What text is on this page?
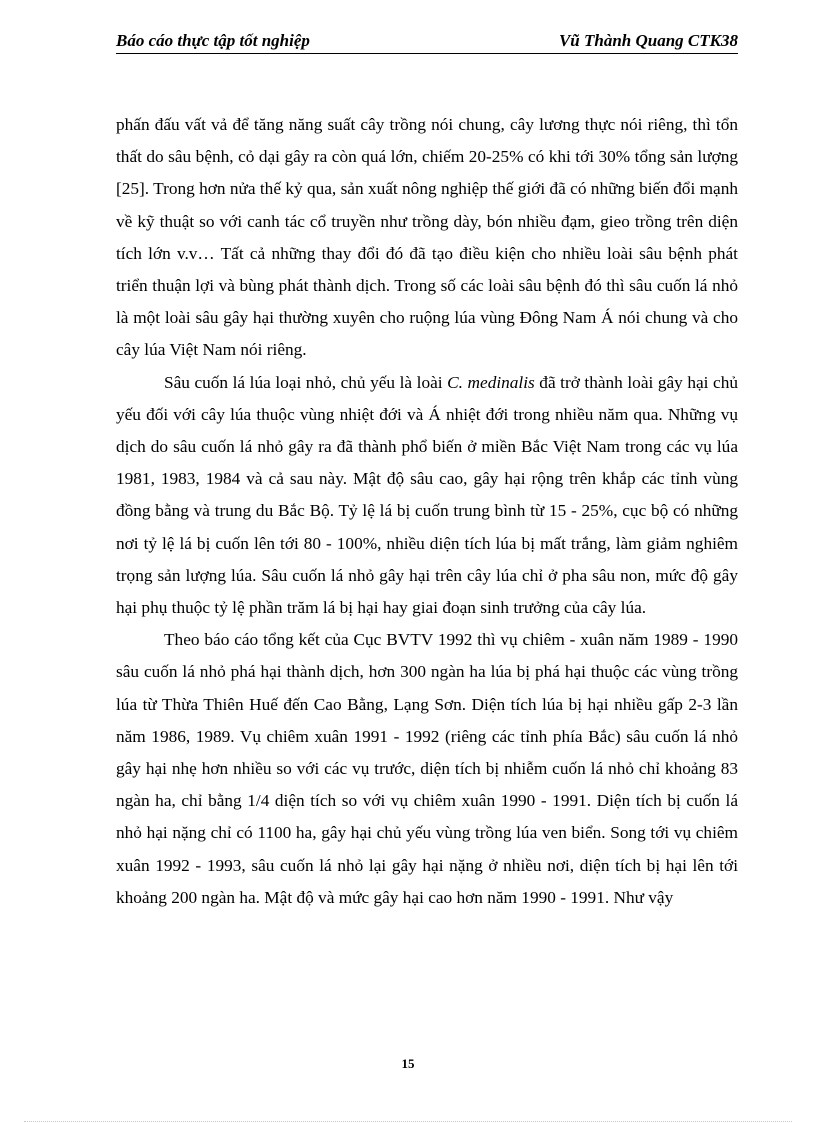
Báo cáo thực tập tốt nghiệp	Vũ Thành Quang CTK38

phấn đấu vất vả để tăng năng suất cây trồng nói chung, cây lương thực nói riêng, thì tổn thất do sâu bệnh, cỏ dại gây ra còn quá lớn, chiếm 20-25% có khi tới 30% tổng sản lượng [25]. Trong hơn nửa thế kỷ qua, sản xuất nông nghiệp thế giới đã có những biến đổi mạnh về kỹ thuật so với canh tác cổ truyền như trồng dày, bón nhiều đạm, gieo trồng trên diện tích lớn v.v… Tất cả những thay đổi đó đã tạo điều kiện cho nhiều loài sâu bệnh phát triển thuận lợi và bùng phát thành dịch. Trong số các loài sâu bệnh đó thì sâu cuốn lá nhỏ là một loài sâu gây hại thường xuyên cho ruộng lúa vùng Đông Nam Á nói chung và cho cây lúa Việt Nam nói riêng.

Sâu cuốn lá lúa loại nhỏ, chủ yếu là loài C. medinalis đã trở thành loài gây hại chủ yếu đối với cây lúa thuộc vùng nhiệt đới và Á nhiệt đới trong nhiều năm qua. Những vụ dịch do sâu cuốn lá nhỏ gây ra đã thành phổ biến ở miền Bắc Việt Nam trong các vụ lúa 1981, 1983, 1984 và cả sau này. Mật độ sâu cao, gây hại rộng trên khắp các tỉnh vùng đồng bằng và trung du Bắc Bộ. Tỷ lệ lá bị cuốn trung bình từ 15 - 25%, cục bộ có những nơi tỷ lệ lá bị cuốn lên tới 80 - 100%, nhiều diện tích lúa bị mất trắng, làm giảm nghiêm trọng sản lượng lúa. Sâu cuốn lá nhỏ gây hại trên cây lúa chỉ ở pha sâu non, mức độ gây hại phụ thuộc tỷ lệ phần trăm lá bị hại hay giai đoạn sinh trưởng của cây lúa.

Theo báo cáo tổng kết của Cục BVTV 1992 thì vụ chiêm - xuân năm 1989 - 1990 sâu cuốn lá nhỏ phá hại thành dịch, hơn 300 ngàn ha lúa bị phá hại thuộc các vùng trồng lúa từ Thừa Thiên Huế đến Cao Bằng, Lạng Sơn. Diện tích lúa bị hại nhiều gấp 2-3 lần năm 1986, 1989. Vụ chiêm xuân 1991 - 1992 (riêng các tỉnh phía Bắc) sâu cuốn lá nhỏ gây hại nhẹ hơn nhiều so với các vụ trước, diện tích bị nhiễm cuốn lá nhỏ chỉ khoảng 83 ngàn ha, chỉ bằng 1/4 diện tích so với vụ chiêm xuân 1990 - 1991. Diện tích bị cuốn lá nhỏ hại nặng chỉ có 1100 ha, gây hại chủ yếu vùng trồng lúa ven biển. Song tới vụ chiêm xuân 1992 - 1993, sâu cuốn lá nhỏ lại gây hại nặng ở nhiều nơi, diện tích bị hại lên tới khoảng 200 ngàn ha. Mật độ và mức gây hại cao hơn năm 1990 - 1991. Như vậy

15
